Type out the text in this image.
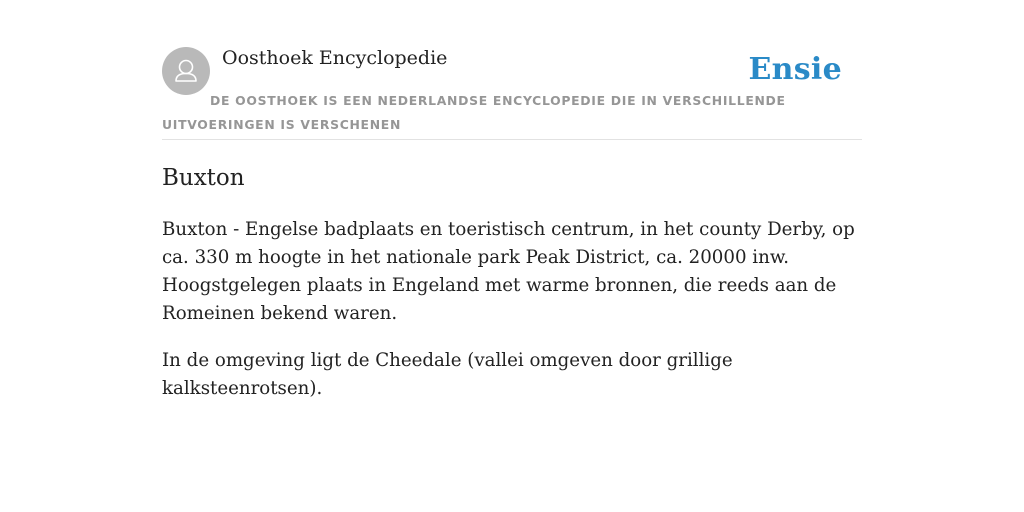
Oosthoek Encyclopedie	Ensie

DE OOSTHOEK IS EEN NEDERLANDSE ENCYCLOPEDIE DIE IN VERSCHILLENDE UITVOERINGEN IS VERSCHENEN

Buxton

Buxton - Engelse badplaats en toeristisch centrum, in het county Derby, op ca. 330 m hoogte in het nationale park Peak District, ca. 20000 inw. Hoogstgelegen plaats in Engeland met warme bronnen, die reeds aan de Romeinen bekend waren.

In de omgeving ligt de Cheedale (vallei omgeven door grillige kalksteenrotsen).
